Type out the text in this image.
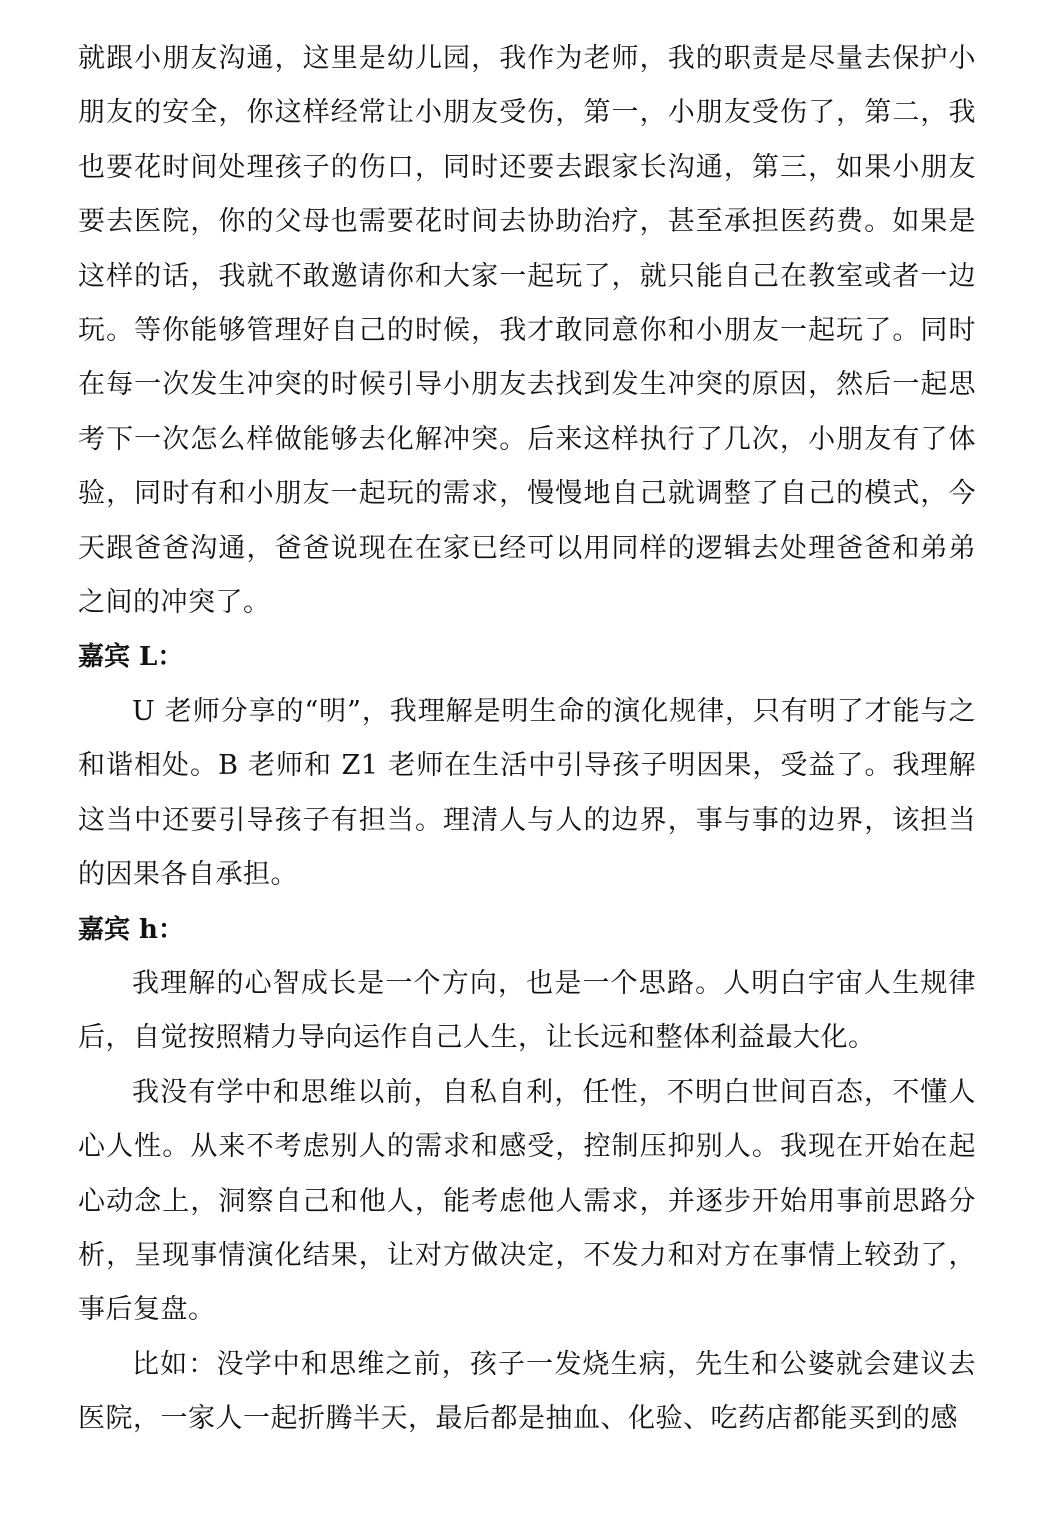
就跟小朋友沟通，这里是幼儿园，我作为老师，我的职责是尽量去保护小朋友的安全，你这样经常让小朋友受伤，第一，小朋友受伤了，第二，我也要花时间处理孩子的伤口，同时还要去跟家长沟通，第三，如果小朋友要去医院，你的父母也需要花时间去协助治疗，甚至承担医药费。如果是这样的话，我就不敢邀请你和大家一起玩了，就只能自己在教室或者一边玩。等你能够管理好自己的时候，我才敢同意你和小朋友一起玩了。同时在每一次发生冲突的时候引导小朋友去找到发生冲突的原因，然后一起思考下一次怎么样做能够去化解冲突。后来这样执行了几次，小朋友有了体验，同时有和小朋友一起玩的需求，慢慢地自己就调整了自己的模式，今天跟爸爸沟通，爸爸说现在在家已经可以用同样的逻辑去处理爸爸和弟弟之间的冲突了。

嘉宾 L：

U 老师分享的“明”，我理解是明生命的演化规律，只有明了才能与之和谐相处。B 老师和 Z1 老师在生活中引导孩子明因果，受益了。我理解这当中还要引导孩子有担当。理清人与人的边界，事与事的边界，该担当的因果各自承担。

嘉宾 h：

我理解的心智成长是一个方向，也是一个思路。人明白宇宙人生规律后，自觉按照精力导向运作自己人生，让长远和整体利益最大化。

我没有学中和思维以前，自私自利，任性，不明白世间百态，不懂人心人性。从来不考虑别人的需求和感受，控制压抑别人。我现在开始在起心动念上，洞察自己和他人，能考虑他人需求，并逐步开始用事前思路分析，呈现事情演化结果，让对方做决定，不发力和对方在事情上较劲了，事后复盘。

比如：没学中和思维之前，孩子一发烧生病，先生和公婆就会建议去医院，一家人一起折腾半天，最后都是抽血、化验、吃药店都能买到的感
